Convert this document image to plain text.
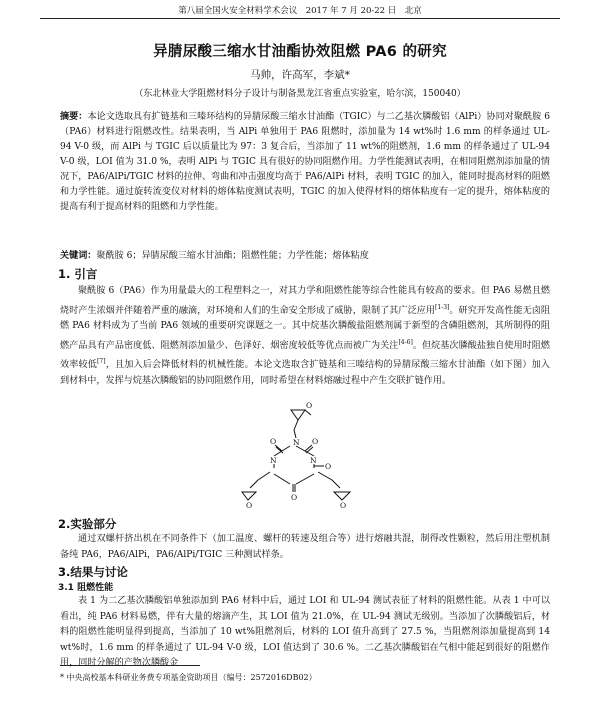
第八届全国火安全材料学术会议　2017 年 7 月 20-22 日　北京
异腈尿酸三缩水甘油酯协效阻燃 PA6 的研究
马帅，许高军，李斌*
（东北林业大学阻燃材料分子设计与制备黑龙江省重点实验室，哈尔滨，150040）

摘要：本论文选取具有扩链基和三嗪环结构的异腈尿酸三缩水甘油酯（TGIC）与二乙基次膦酸铝（AlPi）协同对聚酰胺 6（PA6）材料进行阻燃改性。结果表明，当 AlPi 单独用于 PA6 阻燃时，添加量为 14 wt%时 1.6 mm 的样条通过 UL-94 V-0 级，而 AlPi 与 TGIC 后以质量比为 97：3 复合后，当添加了 11 wt%的阻燃剂，1.6 mm 的样条通过了 UL-94 V-0 级，LOI 值为 31.0 %，表明 AlPi 与 TGIC 具有很好的协同阻燃作用。力学性能测试表明，在相同阻燃剂添加量的情况下，PA6/AlPi/TGIC 材料的拉伸、弯曲和冲击强度均高于 PA6/AlPi 材料，表明 TGIC 的加入，能同时提高材料的阻燃和力学性能。通过旋转流变仪对材料的熔体粘度测试表明，TGIC 的加入使得材料的熔体粘度有一定的提升，熔体粘度的提高有利于提高材料的阻燃和力学性能。

关键词：聚酰胺 6；异腈尿酸三缩水甘油酯；阻燃性能；力学性能；熔体粘度

1. 引言

聚酰胺 6（PA6）作为用量最大的工程塑料之一，对其力学和阻燃性能等综合性能具有较高的要求。但 PA6 易燃且燃烧时产生浓烟并伴随着严重的融滴，对环境和人们的生命安全形成了威胁，限制了其广泛应用[1-3]。研究开发高性能无卤阻燃 PA6 材料成为了当前 PA6 领域的重要研究课题之一。其中烷基次膦酸盐阻燃剂属于新型的含磷阻燃剂，其所制得的阻燃产品具有产品密度低、阻燃剂添加量少、色泽好、烟密度较低等优点而被广为关注[4-6]。但烷基次膦酸盐独自使用时阻燃效率较低[7]，且加入后会降低材料的机械性能。本论文选取含扩链基和三嗪结构的异腈尿酸三缩水甘油酯（如下图）加入到材料中，发挥与烷基次膦酸铝的协同阻燃作用，同时希望在材料熔融过程中产生交联扩链作用。

O
N O
N
O
N
O
O
O	O
2.实验部分

通过双螺杆挤出机在不同条件下（加工温度、螺杆的转速及组合等）进行熔融共混，制得改性颗粒，然后用注塑机制备纯 PA6，PA6/AlPi，PA6/AlPi/TGIC 三种测试样条。

3.结果与讨论
3.1 阻燃性能

表 1 为二乙基次膦酸铝单独添加到 PA6 材料中后，通过 LOI 和 UL-94 测试表征了材料的阻燃性能。从表 1 中可以看出，纯 PA6 材料易燃，伴有大量的熔滴产生，其 LOI 值为 21.0%，在 UL-94 测试无级别。当添加了次膦酸铝后，材料的阻燃性能明显得到提高，当添加了 10 wt%阻燃剂后，材料的 LOI 值升高到了 27.5 %，当阻燃剂添加量提高到 14 wt%时，1.6 mm 的样条通过了 UL-94 V-0 级，LOI 值达到了 30.6 %。二乙基次膦酸铝在气相中能起到很好的阻燃作用，同时分解的产物次膦酸金

* 中央高校基本科研业务费专项基金资助项目（编号：2572016DB02）
